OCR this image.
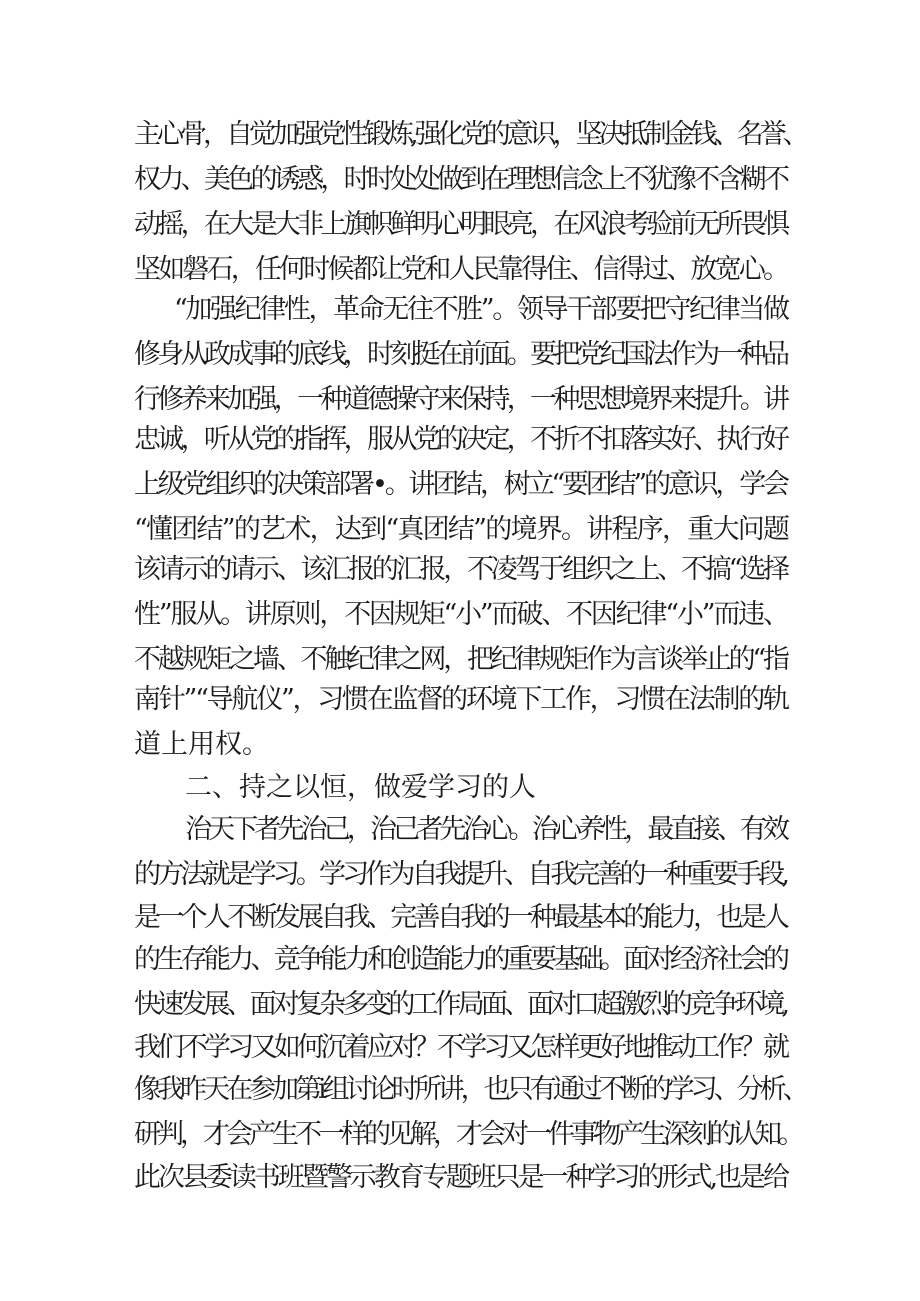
主心骨，自觉加强党性锻炼,强化党的意识，坚决抵制金钱、名誉、
权力、美色的诱惑，时时处处做到在理想信念上不犹豫不含糊不
动摇，在大是大非上旗帜鲜明心明眼亮，在风浪考验前无所畏惧
坚如磐石，任何时候都让党和人民靠得住、信得过、放宽心。
“加强纪律性，革命无往不胜”。领导干部要把守纪律当做
修身从政成事的底线，时刻挺在前面。要把党纪国法作为一种品
行修养来加强，一种道德操守来保持，一种思想境界来提升。讲
忠诚，听从党的指挥，服从党的决定，不折不扣落实好、执行好
上级党组织的决策部署•。讲团结，树立“要团结”的意识，学会
“懂团结”的艺术，达到“真团结”的境界。讲程序，重大问题
该请示的请示、该汇报的汇报，不凌驾于组织之上、不搞“选择
性”服从。讲原则，不因规矩“小”而破、不因纪律“小”而违、
不越规矩之墙、不触纪律之网，把纪律规矩作为言谈举止的“指
南针”“导航仪”，习惯在监督的环境下工作，习惯在法制的轨
道上用权。
二、持之以恒，做爱学习的人
治天下者先治己，治己者先治心。治心养性，最直接、有效
的方法就是学习。学习作为自我提升、自我完善的一种重要手段,
是一个人不断发展自我、完善自我的一种最基本的能力，也是人
的生存能力、竞争能力和创造能力的重要基础。面对经济社会的
快速发展、面对复杂多变的工作局面、面对口超激烈的竞争环境,
我们不学习又如何沉着应对？不学习又怎样更好地推动工作？就
像我昨天在参加第i组讨论时所讲，也只有通过不断的学习、分析、
研判，才会产生不一样的见解，才会对一件事物产生深刻的认知。
此次县委读书班暨警示教育专题班只是一种学习的形式,也是给
